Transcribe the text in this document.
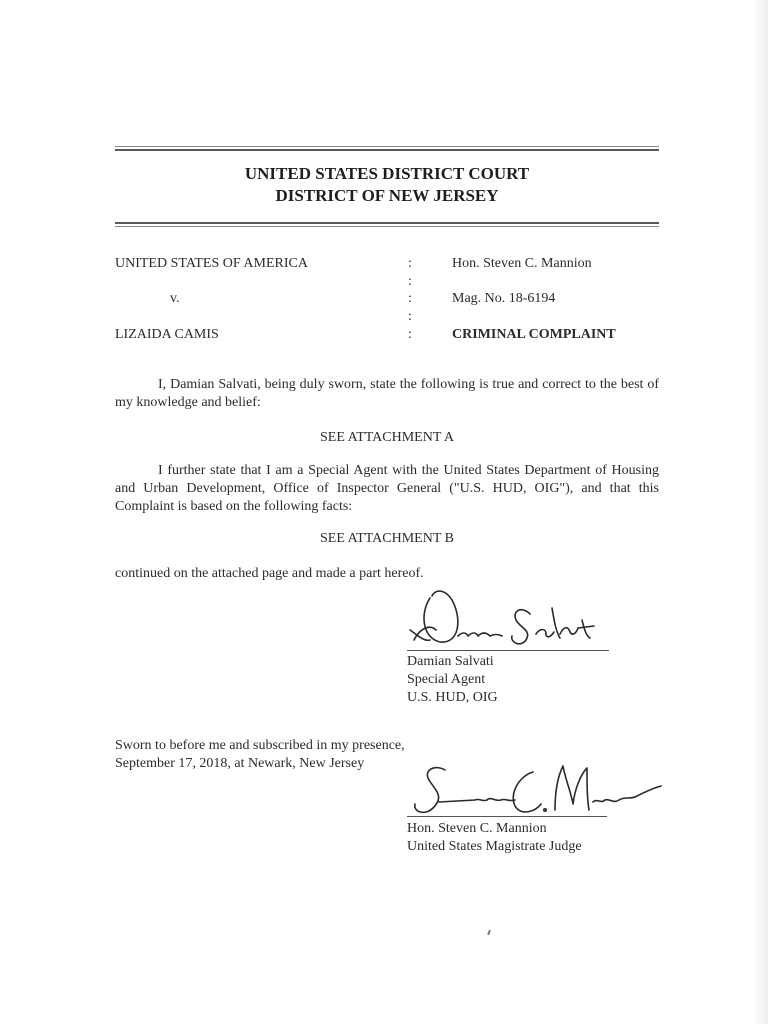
UNITED STATES DISTRICT COURT
DISTRICT OF NEW JERSEY
UNITED STATES OF AMERICA
v.
LIZAIDA CAMIS
:
:
:
:
:
Hon. Steven C. Mannion
Mag. No. 18-6194
CRIMINAL COMPLAINT
I, Damian Salvati, being duly sworn, state the following is true and correct to the best of my knowledge and belief:
SEE ATTACHMENT A
I further state that I am a Special Agent with the United States Department of Housing and Urban Development, Office of Inspector General ("U.S. HUD, OIG"), and that this Complaint is based on the following facts:
SEE ATTACHMENT B
continued on the attached page and made a part hereof.
Damian Salvati
Special Agent
U.S. HUD, OIG
Sworn to before me and subscribed in my presence,
September 17, 2018, at Newark, New Jersey
Hon. Steven C. Mannion
United States Magistrate Judge
